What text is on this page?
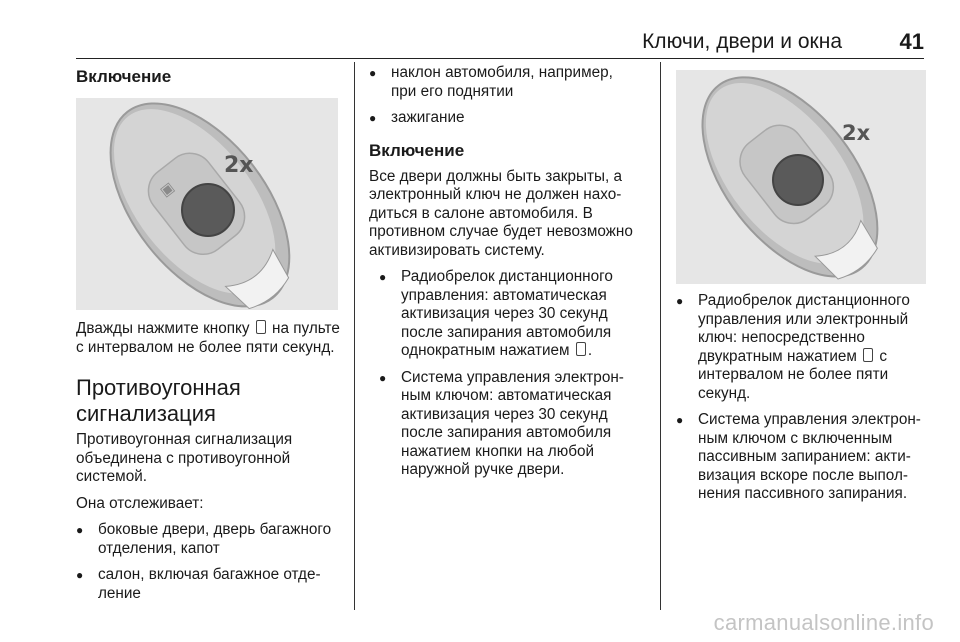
Ключи, двери и окна	41
Включение
▣
2x

Дважды нажмите кнопку на пульте с интервалом не более пяти секунд.

Противоугонная сигнализация

Противоугонная сигнализация объединена с противоугонной системой.

Она отслеживает:

● боковые двери, дверь багажного отделения, капот
● салон, включая багажное отделение
● наклон автомобиля, например, при его поднятии
● зажигание
Включение

Все двери должны быть закрыты, а электронный ключ не должен находиться в салоне автомобиля. В противном случае будет невозможно активизировать систему.

● Радиобрелок дистанционного управления: автоматическая активизация через 30 секунд после запирания автомобиля однократным нажатием .
● Система управления электронным ключом: автоматическая активизация через 30 секунд после запирания автомобиля нажатием кнопки на любой наружной ручке двери.
2x
● Радиобрелок дистанционного управления или электронный ключ: непосредственно двукратным нажатием с интервалом не более пяти секунд.
● Система управления электронным ключом с включенным пассивным запиранием: активизация вскоре после выполнения пассивного запирания.
carmanualsonline.info
